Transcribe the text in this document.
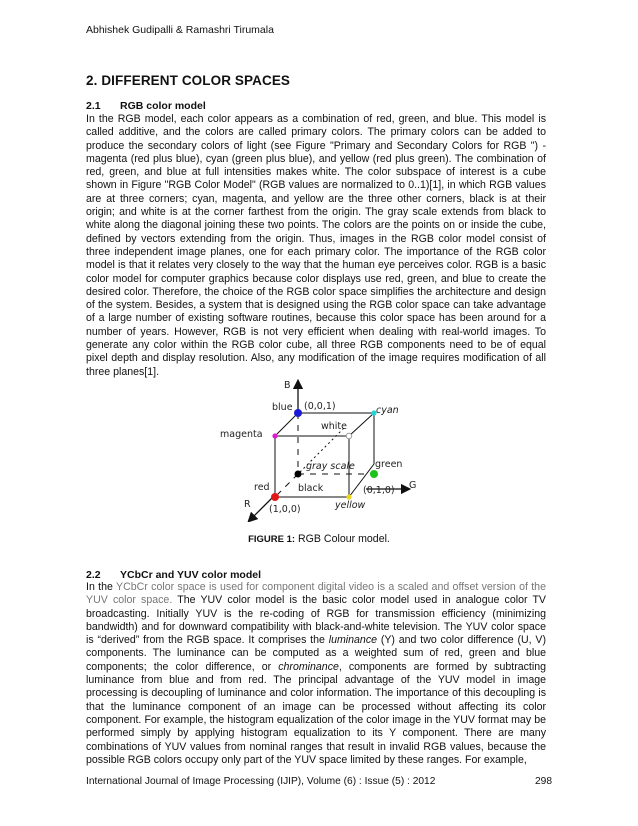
Abhishek Gudipalli & Ramashri Tirumala
2. DIFFERENT COLOR SPACES
2.1 RGB color model

In the RGB model, each color appears as a combination of red, green, and blue. This model is called additive, and the colors are called primary colors. The primary colors can be added to produce the secondary colors of light (see Figure "Primary and Secondary Colors for RGB ") - magenta (red plus blue), cyan (green plus blue), and yellow (red plus green). The combination of red, green, and blue at full intensities makes white. The color subspace of interest is a cube shown in Figure "RGB Color Model" (RGB values are normalized to 0..1)[1], in which RGB values are at three corners; cyan, magenta, and yellow are the three other corners, black is at their origin; and white is at the corner farthest from the origin. The gray scale extends from black to white along the diagonal joining these two points. The colors are the points on or inside the cube, defined by vectors extending from the origin. Thus, images in the RGB color model consist of three independent image planes, one for each primary color. The importance of the RGB color model is that it relates very closely to the way that the human eye perceives color. RGB is a basic color model for computer graphics because color displays use red, green, and blue to create the desired color. Therefore, the choice of the RGB color space simplifies the architecture and design of the system. Besides, a system that is designed using the RGB color space can take advantage of a large number of existing software routines, because this color space has been around for a number of years. However, RGB is not very efficient when dealing with real-world images. To generate any color within the RGB color cube, all three RGB components need to be of equal pixel depth and display resolution. Also, any modification of the image requires modification of all three planes[1].

B
blue (0,0,1)	cyan
magenta
white
gray scale green
red	black	(0,1,0) G
R (1,0,0)	yellow
FIGURE 1: RGB Colour model.
2.2 YCbCr and YUV color model

In the YCbCr color space is used for component digital video is a scaled and offset version of the YUV color space. The YUV color model is the basic color model used in analogue color TV broadcasting. Initially YUV is the re-coding of RGB for transmission efficiency (minimizing bandwidth) and for downward compatibility with black-and-white television. The YUV color space is “derived” from the RGB space. It comprises the luminance (Y) and two color difference (U, V) components. The luminance can be computed as a weighted sum of red, green and blue components; the color difference, or chrominance, components are formed by subtracting luminance from blue and from red. The principal advantage of the YUV model in image processing is decoupling of luminance and color information. The importance of this decoupling is that the luminance component of an image can be processed without affecting its color component. For example, the histogram equalization of the color image in the YUV format may be performed simply by applying histogram equalization to its Y component. There are many combinations of YUV values from nominal ranges that result in invalid RGB values, because the possible RGB colors occupy only part of the YUV space limited by these ranges. For example,

International Journal of Image Processing (IJIP), Volume (6) : Issue (5) : 2012	298
